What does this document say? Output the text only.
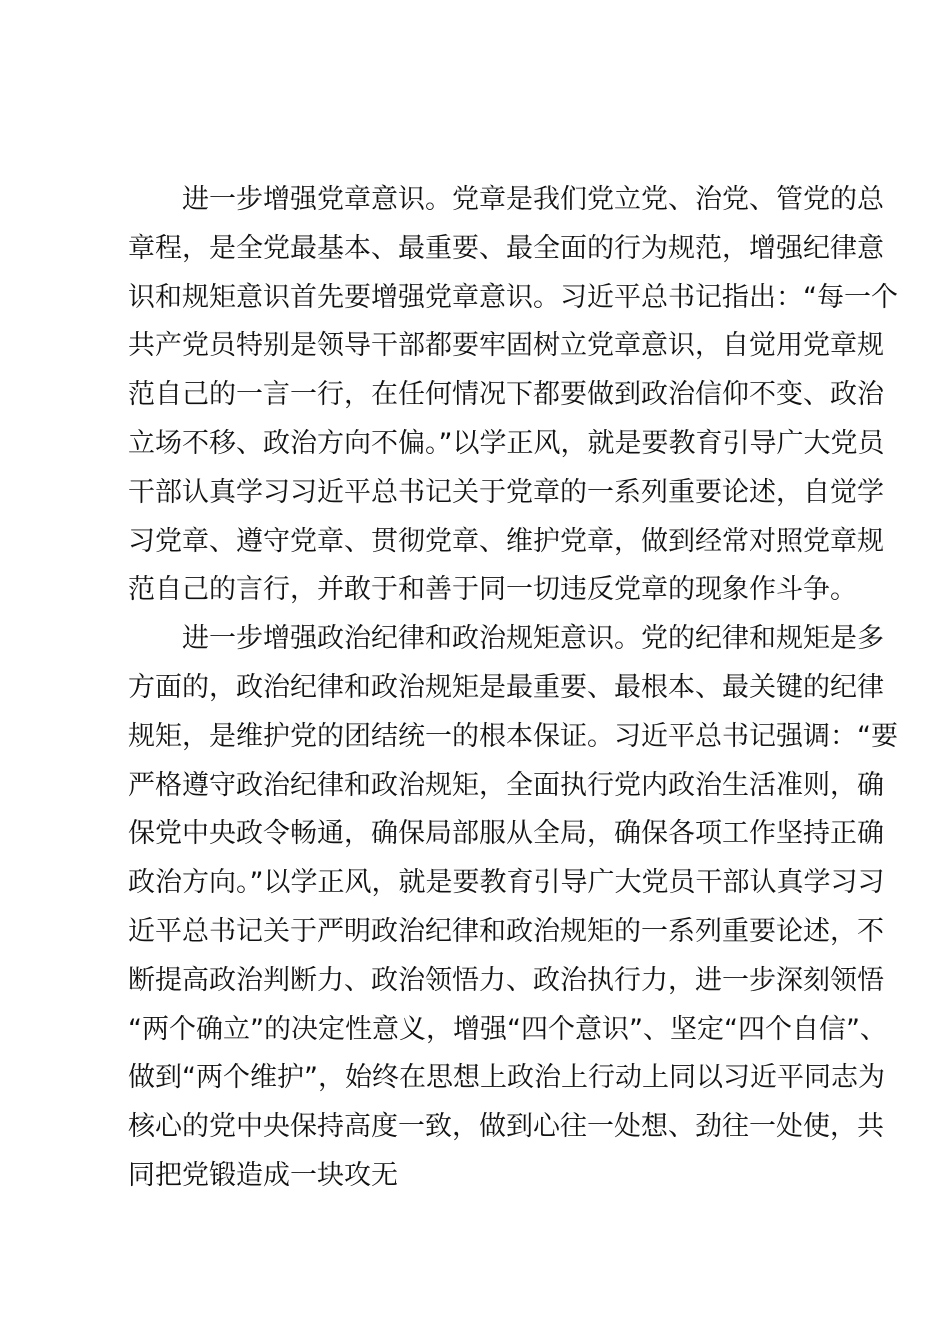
进一步增强党章意识。党章是我们党立党、治党、管党的总
章程，是全党最基本、最重要、最全面的行为规范，增强纪律意
识和规矩意识首先要增强党章意识。习近平总书记指出：“每一个
共产党员特别是领导干部都要牢固树立党章意识，自觉用党章规
范自己的一言一行，在任何情况下都要做到政治信仰不变、政治
立场不移、政治方向不偏。”以学正风，就是要教育引导广大党员
干部认真学习习近平总书记关于党章的一系列重要论述，自觉学
习党章、遵守党章、贯彻党章、维护党章，做到经常对照党章规
范自己的言行，并敢于和善于同一切违反党章的现象作斗争。
进一步增强政治纪律和政治规矩意识。党的纪律和规矩是多
方面的，政治纪律和政治规矩是最重要、最根本、最关键的纪律
规矩，是维护党的团结统一的根本保证。习近平总书记强调：“要
严格遵守政治纪律和政治规矩，全面执行党内政治生活准则，确
保党中央政令畅通，确保局部服从全局，确保各项工作坚持正确
政治方向。”以学正风，就是要教育引导广大党员干部认真学习习
近平总书记关于严明政治纪律和政治规矩的一系列重要论述，不
断提高政治判断力、政治领悟力、政治执行力，进一步深刻领悟
“两个确立”的决定性意义，增强“四个意识”、坚定“四个自信”、
做到“两个维护”，始终在思想上政治上行动上同以习近平同志为
核心的党中央保持高度一致，做到心往一处想、劲往一处使，共
同把党锻造成一块攻无
